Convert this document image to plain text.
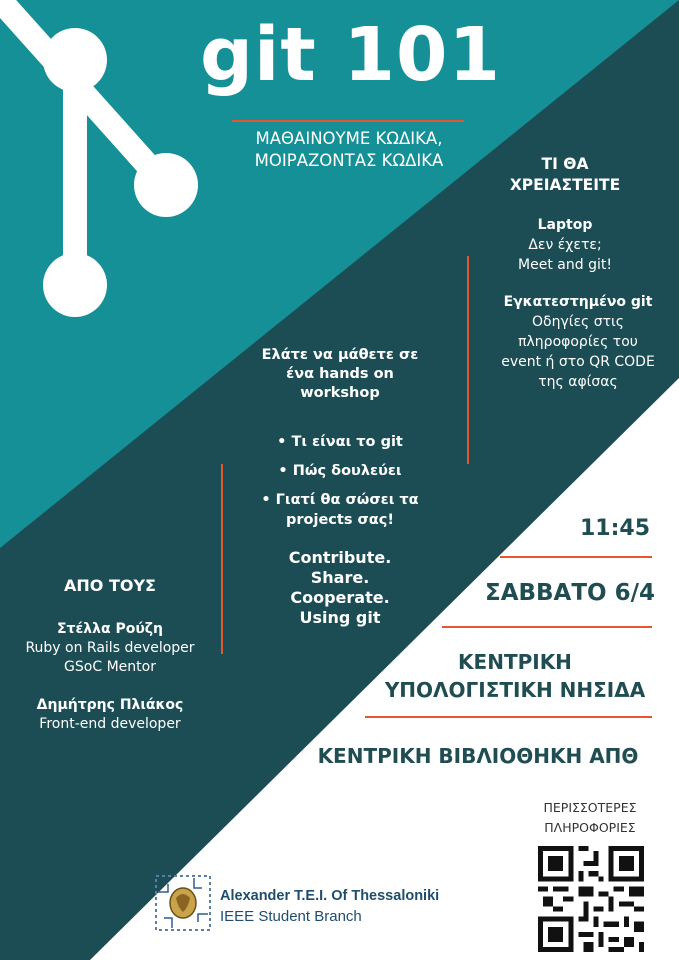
git 101
ΜΑΘΑΙΝΟΥΜΕ ΚΩΔΙΚΑ,
ΜΟΙΡΑΖΟΝΤΑΣ ΚΩΔΙΚΑ	ΤΙ ΘΑ
ΧΡΕΙΑΣΤΕΙΤΕ
Laptop
Δεν έχετε;
Meet and git!
Εγκατεστημένο git
Οδηγίες στις
πληροφορίες του
event ή στο QR CODE
της αφίσας
Ελάτε να μάθετε σε
ένα hands on
workshop
• Τι είναι το git
• Πώς δουλεύει
• Γιατί θα σώσει τα
projects σας!
Contribute.
Share.
Cooperate.
Using git
ΑΠΟ ΤΟΥΣ
Στέλλα Ρούζη
Ruby on Rails developer
GSoC Mentor
Δημήτρης Πλιάκος
Front-end developer
11:45
ΣΑΒΒΑΤΟ 6/4
ΚΕΝΤΡΙΚΗ
ΥΠΟΛΟΓΙΣΤΙΚΗ ΝΗΣΙΔΑ
ΚΕΝΤΡΙΚΗ ΒΙΒΛΙΟΘΗΚΗ ΑΠΘ
ΠΕΡΙΣΣΟΤΕΡΕΣ
ΠΛΗΡΟΦΟΡΙΕΣ
Alexander T.E.I. Of Thessaloniki
IEEE Student Branch
